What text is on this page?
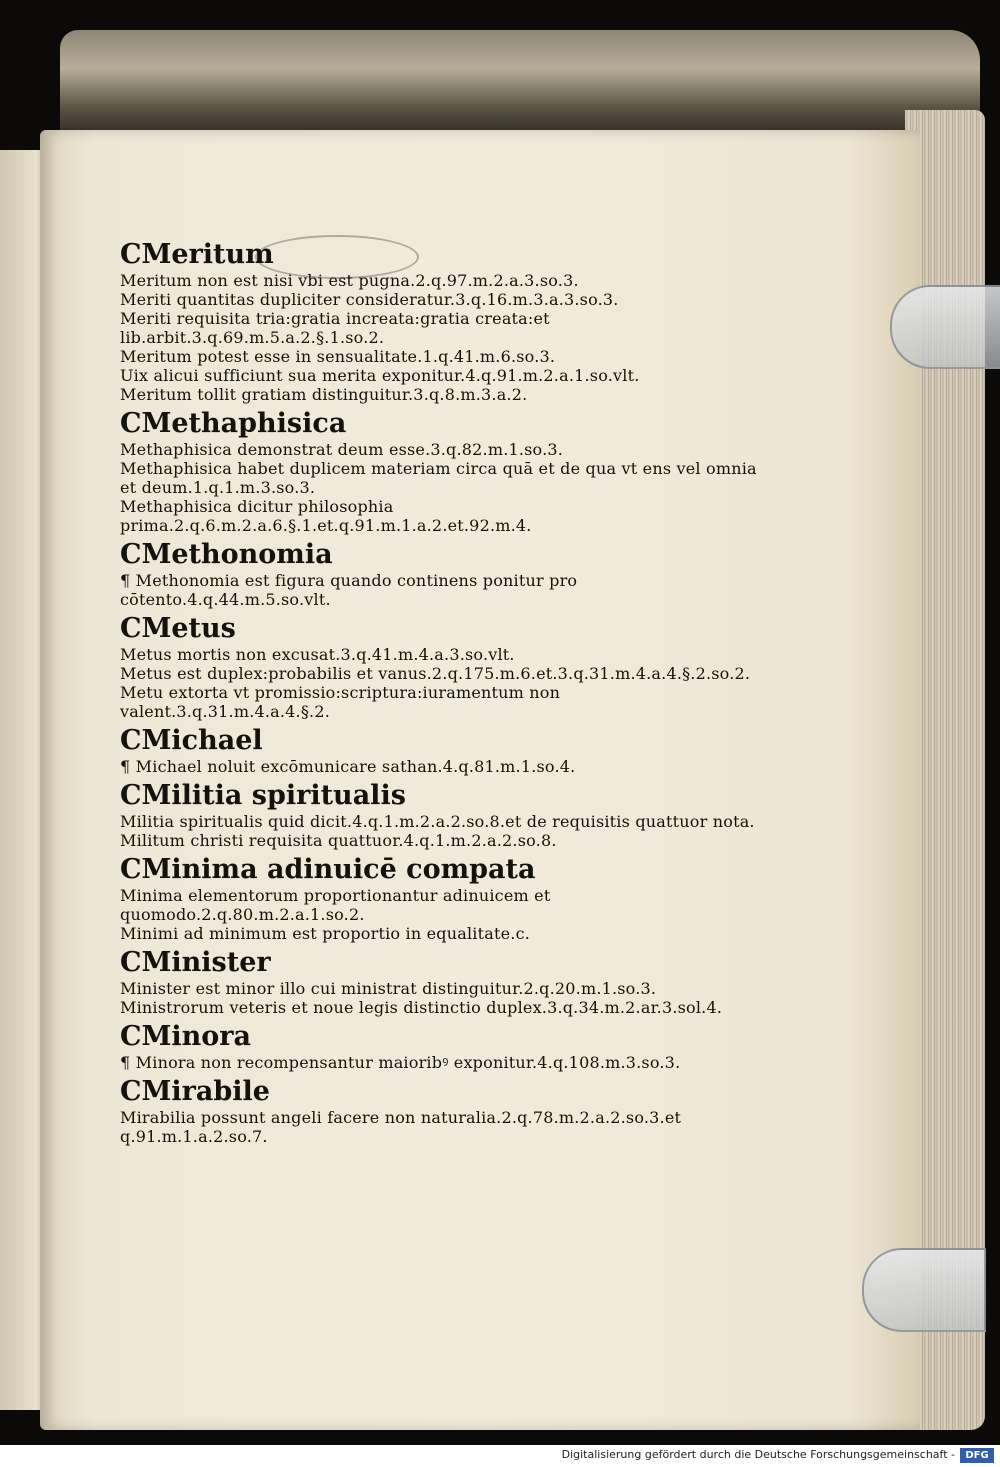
CMeritum

Meritum non est nisi vbi est pugna.2.q.97.m.2.a.3.so.3.

Meriti quantitas dupliciter consideratur.3.q.16.m.3.a.3.so.3.

Meriti requisita tria:gratia increata:gratia creata:et lib.arbit.3.q.69.m.5.a.2.§.1.so.2.

Meritum potest esse in sensualitate.1.q.41.m.6.so.3.

Uix alicui sufficiunt sua merita exponitur.4.q.91.m.2.a.1.so.vlt.

Meritum tollit gratiam distinguitur.3.q.8.m.3.a.2.

CMethaphisica

Methaphisica demonstrat deum esse.3.q.82.m.1.so.3.

Methaphisica habet duplicem materiam circa quā et de qua vt ens vel omnia et deum.1.q.1.m.3.so.3.

Methaphisica dicitur philosophia prima.2.q.6.m.2.a.6.§.1.et.q.91.m.1.a.2.et.92.m.4.

CMethonomia

¶ Methonomia est figura quando continens ponitur pro cōtento.4.q.44.m.5.so.vlt.

CMetus

Metus mortis non excusat.3.q.41.m.4.a.3.so.vlt.

Metus est duplex:probabilis et vanus.2.q.175.m.6.et.3.q.31.m.4.a.4.§.2.so.2.

Metu extorta vt promissio:scriptura:iuramentum non valent.3.q.31.m.4.a.4.§.2.

CMichael

¶ Michael noluit excōmunicare sathan.4.q.81.m.1.so.4.

CMilitia spiritualis

Militia spiritualis quid dicit.4.q.1.m.2.a.2.so.8.et de requisitis quattuor nota.

Militum christi requisita quattuor.4.q.1.m.2.a.2.so.8.

CMinima adinuicē compata

Minima elementorum proportionantur adinuicem et quomodo.2.q.80.m.2.a.1.so.2.

Minimi ad minimum est proportio in equalitate.c.

CMinister

Minister est minor illo cui ministrat distinguitur.2.q.20.m.1.so.3.

Ministrorum veteris et noue legis distinctio duplex.3.q.34.m.2.ar.3.sol.4.

CMinora

¶ Minora non recompensantur maioribꝰ exponitur.4.q.108.m.3.so.3.

CMirabile

Mirabilia possunt angeli facere non naturalia.2.q.78.m.2.a.2.so.3.et q.91.m.1.a.2.so.7.

Digitalisierung gefördert durch die Deutsche Forschungsgemeinschaft -	DFG
